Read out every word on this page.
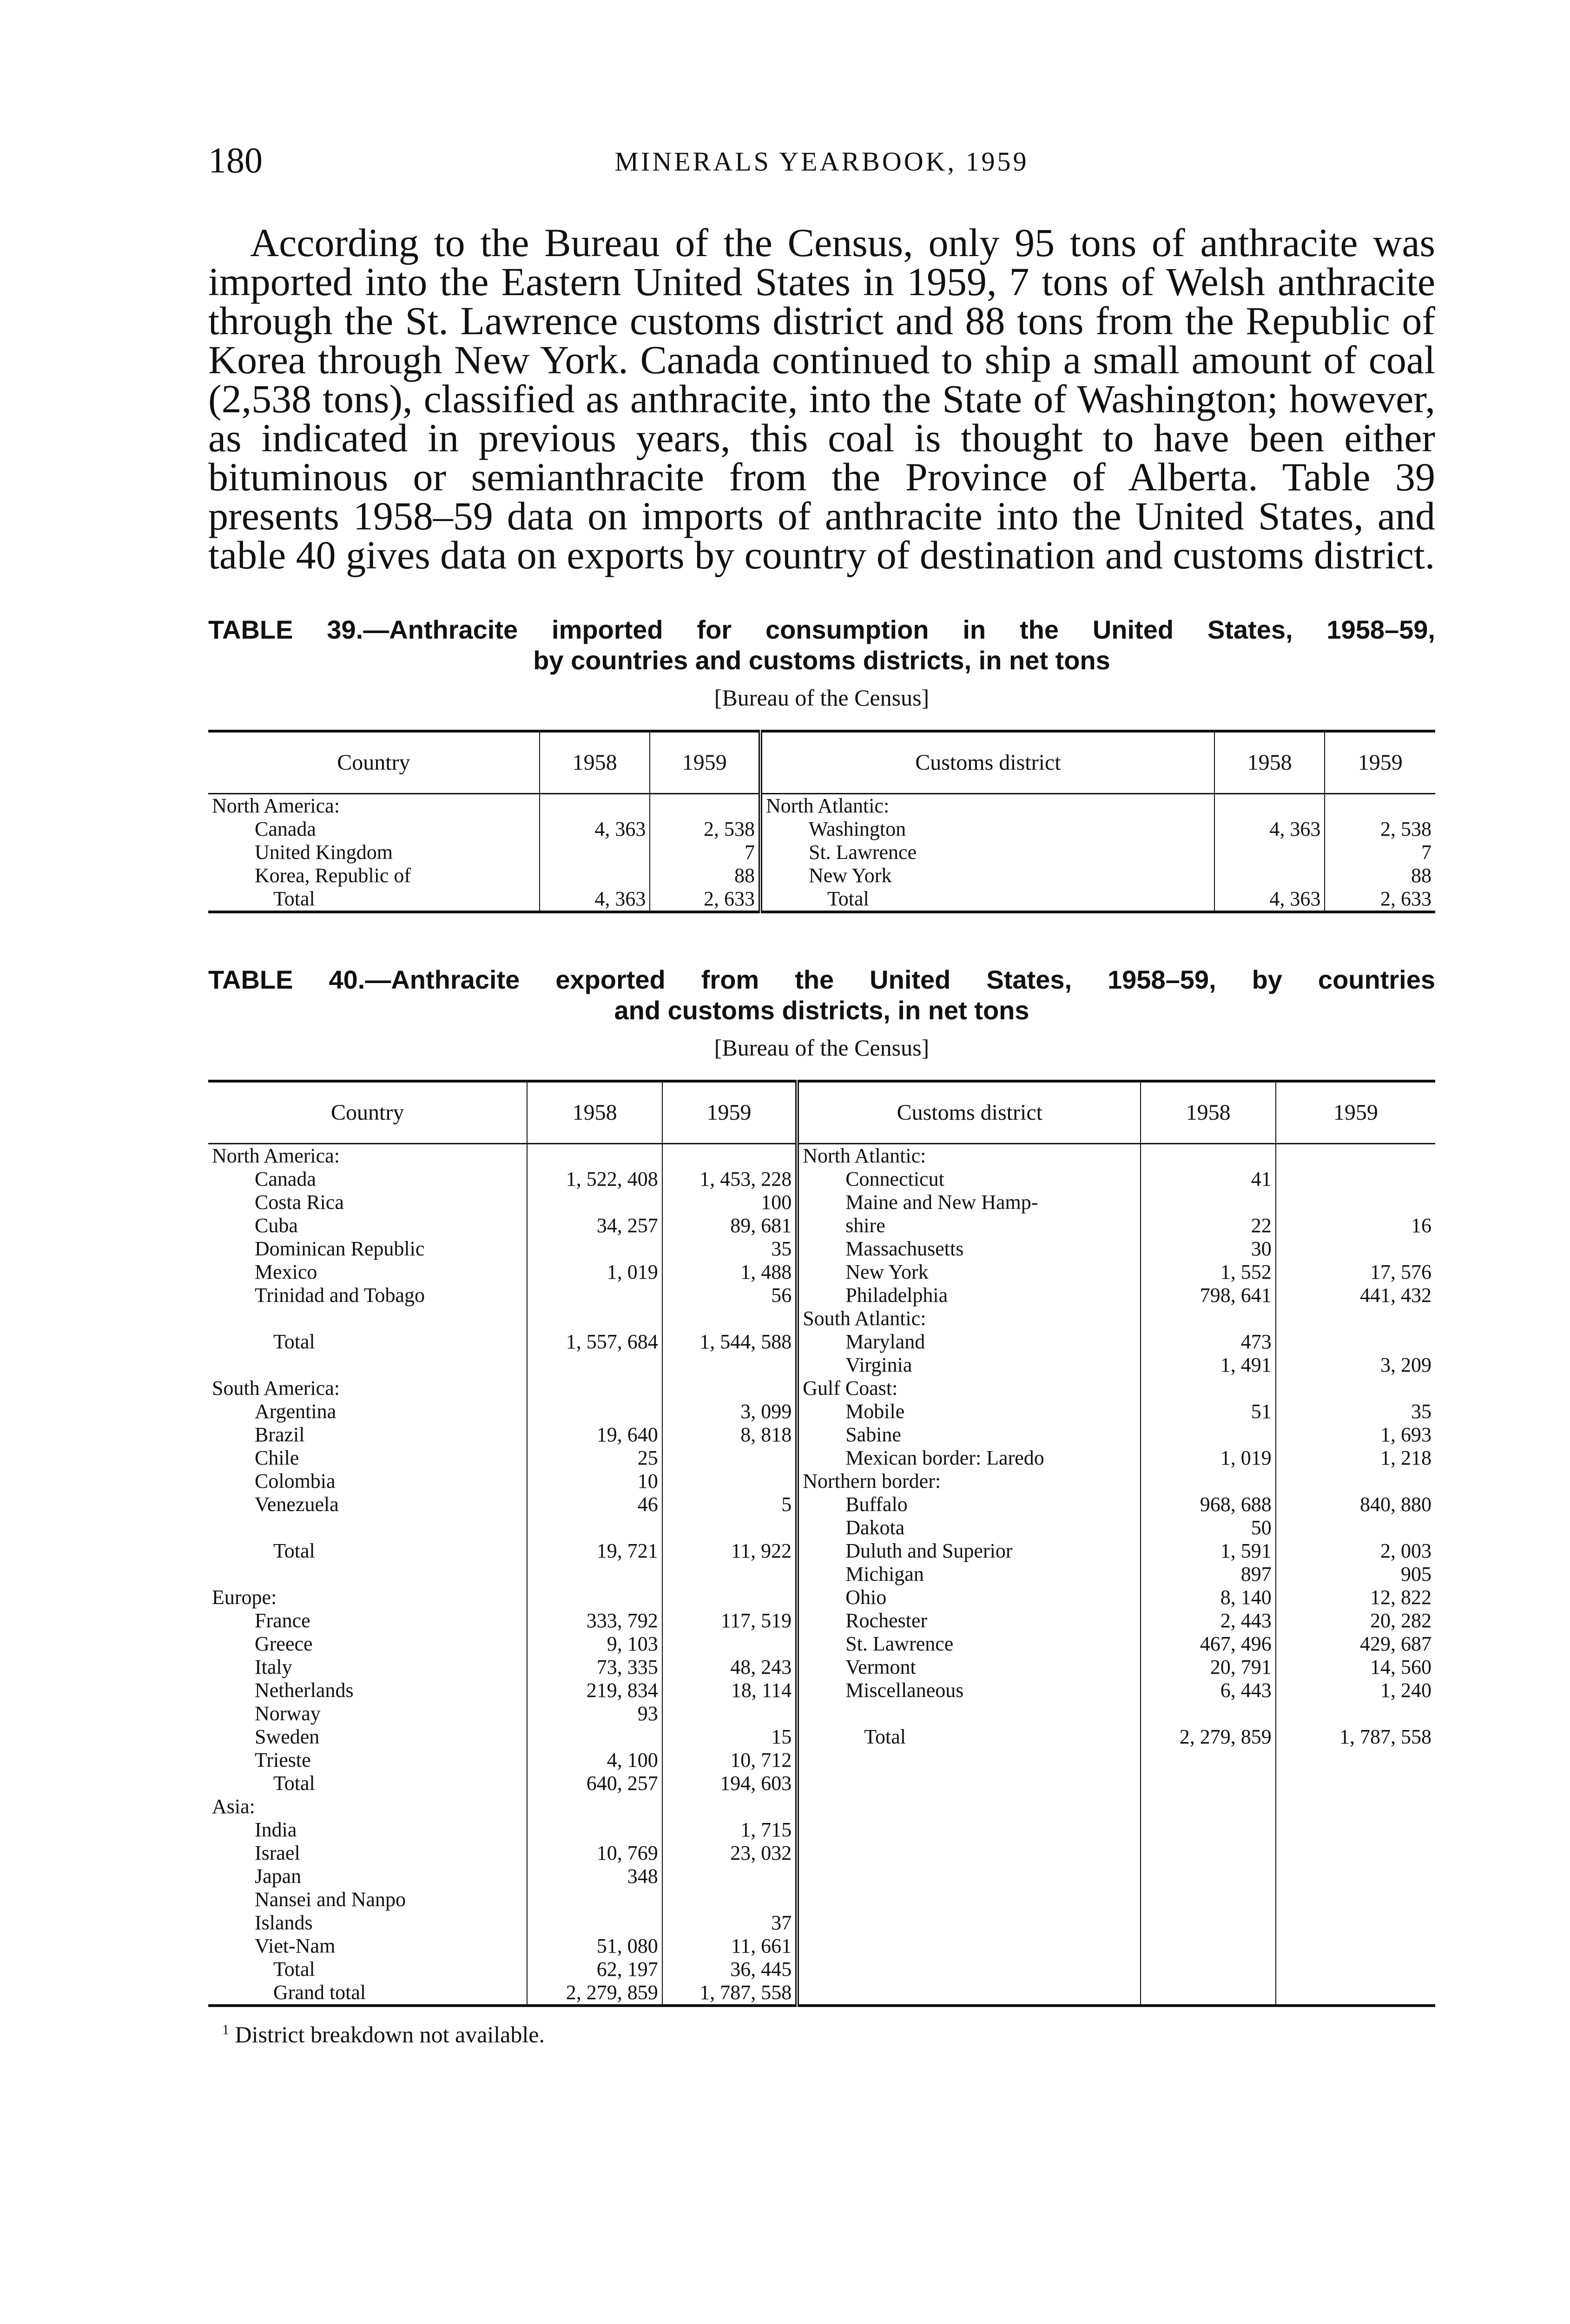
180	MINERALS YEARBOOK, 1959

According to the Bureau of the Census, only 95 tons of anthracite was imported into the Eastern United States in 1959, 7 tons of Welsh anthracite through the St. Lawrence customs district and 88 tons from the Republic of Korea through New York. Canada continued to ship a small amount of coal (2,538 tons), classified as anthracite, into the State of Washington; however, as indicated in previous years, this coal is thought to have been either bituminous or semianthracite from the Province of Alberta. Table 39 presents 1958–59 data on imports of anthracite into the United States, and table 40 gives data on exports by country of destination and customs district.

TABLE 39.—Anthracite imported for consumption in the United States, 1958–59,
by countries and customs districts, in net tons
[Bureau of the Census]
Country	1958	1959	Customs district	1958	1959
North America:			North Atlantic:		
Canada	4, 363	2, 538	Washington	4, 363	2, 538
United Kingdom		7	St. Lawrence		7
Korea, Republic of		88	New York		88
Total	4, 363	2, 633	Total	4, 363	2, 633
TABLE 40.—Anthracite exported from the United States, 1958–59, by countries
and customs districts, in net tons
[Bureau of the Census]
Country	1958	1959	Customs district	1958	1959
North America:			North Atlantic:		
Canada	1, 522, 408	1, 453, 228	Connecticut	41	
Costa Rica		100	Maine and New Hamp-		
Cuba	34, 257	89, 681	shire	22	16
Dominican Republic		35	Massachusetts	30	
Mexico	1, 019	1, 488	New York	1, 552	17, 576
Trinidad and Tobago		56	Philadelphia	798, 641	441, 432
			South Atlantic:		
Total	1, 557, 684	1, 544, 588	Maryland	473	
			Virginia	1, 491	3, 209
South America:			Gulf Coast:		
Argentina		3, 099	Mobile	51	35
Brazil	19, 640	8, 818	Sabine		1, 693
Chile	25		Mexican border: Laredo	1, 019	1, 218
Colombia	10		Northern border:		
Venezuela	46	5	Buffalo	968, 688	840, 880
			Dakota	50	
Total	19, 721	11, 922	Duluth and Superior	1, 591	2, 003
			Michigan	897	905
Europe:			Ohio	8, 140	12, 822
France	333, 792	117, 519	Rochester	2, 443	20, 282
Greece	9, 103		St. Lawrence	467, 496	429, 687
Italy	73, 335	48, 243	Vermont	20, 791	14, 560
Netherlands	219, 834	18, 114	Miscellaneous	6, 443	1, 240
Norway	93				
Sweden		15	Total	2, 279, 859	1, 787, 558
Trieste	4, 100	10, 712			
Total	640, 257	194, 603			
Asia:					
India		1, 715			
Israel	10, 769	23, 032			
Japan	348				
Nansei and Nanpo					
Islands		37			
Viet-Nam	51, 080	11, 661			
Total	62, 197	36, 445			
Grand total	2, 279, 859	1, 787, 558			
$^1$ District breakdown not available.
